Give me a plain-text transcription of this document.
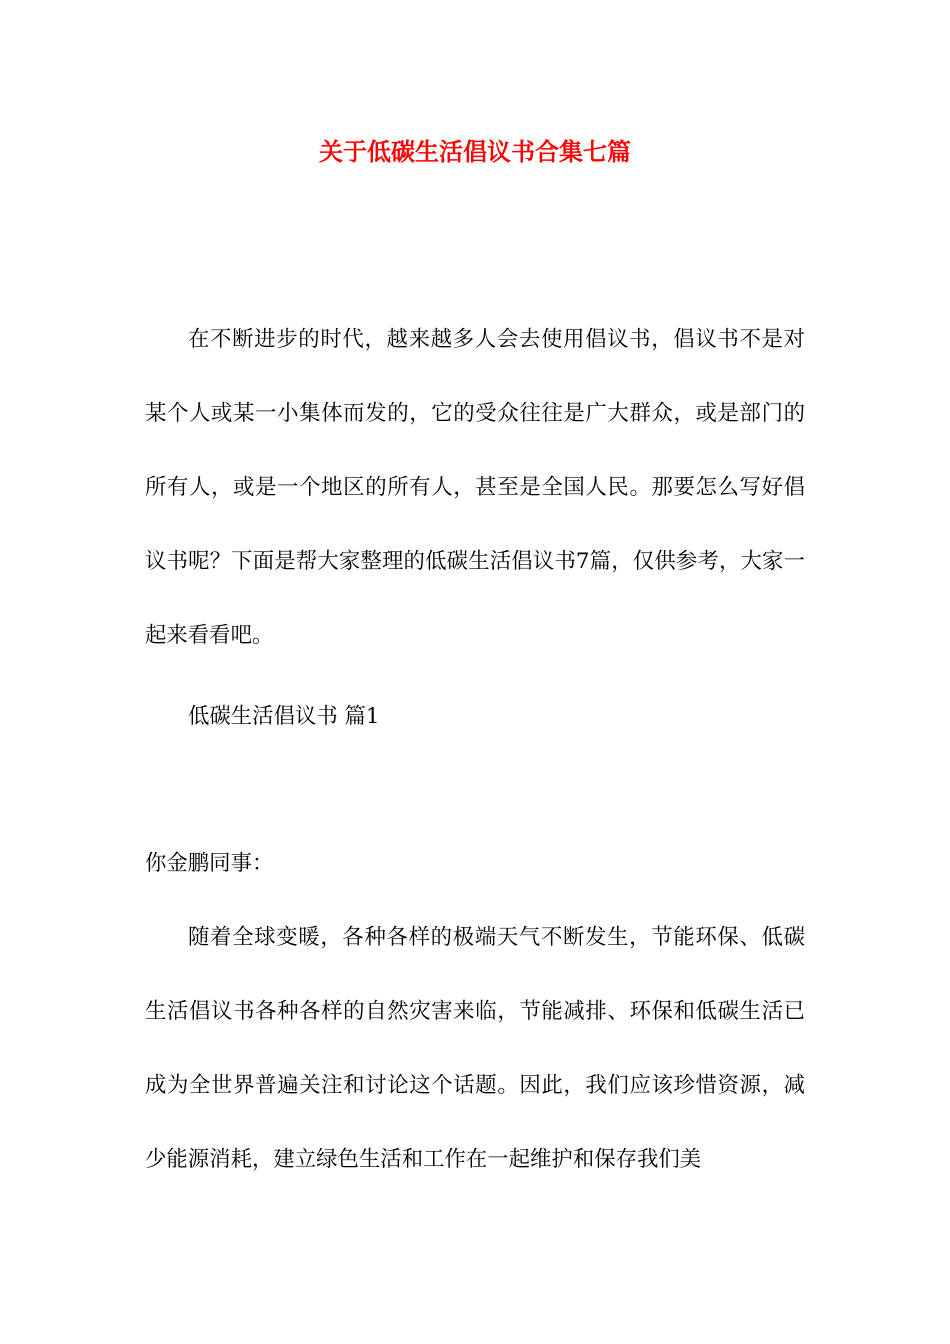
关于低碳生活倡议书合集七篇

在不断进步的时代，越来越多人会去使用倡议书，倡议书不是对某个人或某一小集体而发的，它的受众往往是广大群众，或是部门的所有人，或是一个地区的所有人，甚至是全国人民。那要怎么写好倡议书呢？下面是帮大家整理的低碳生活倡议书7篇，仅供参考，大家一起来看看吧。

低碳生活倡议书 篇1

你金鹏同事：

随着全球变暖，各种各样的极端天气不断发生，节能环保、低碳生活倡议书各种各样的自然灾害来临，节能减排、环保和低碳生活已成为全世界普遍关注和讨论这个话题。因此，我们应该珍惜资源，减少能源消耗，建立绿色生活和工作在一起维护和保存我们美
